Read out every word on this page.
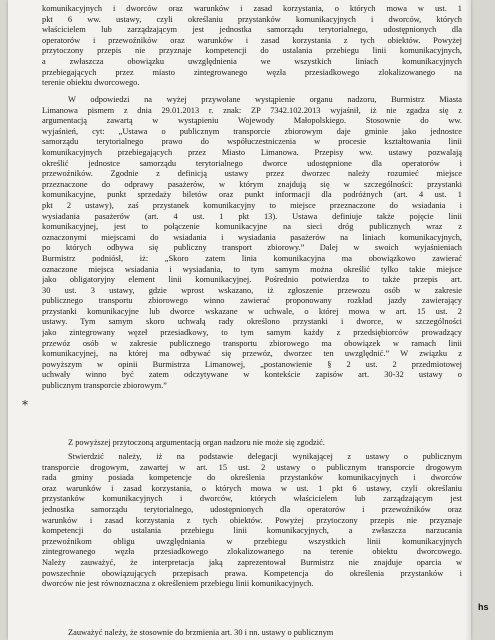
komunikacyjnych i dworców oraz warunków i zasad korzystania, o których mowa w ust. 1

pkt 6 ww. ustawy, czyli określaniu przystanków komunikacyjnych i dworców, których

właścicielem lub zarządzającym jest jednostka samorządu terytorialnego, udostępnionych dla

operatorów i przewoźników oraz warunków i zasad korzystania z tych obiektów. Powyżej

przytoczony przepis nie przyznaje kompetencji do ustalania przebiegu linii komunikacyjnych,

a zwłaszcza obowiązku uwzględnienia we wszystkich liniach komunikacyjnych

przebiegających przez miasto zintegrowanego węzła przesiadkowego zlokalizowanego na

terenie obiektu dworcowego.

W odpowiedzi na wyżej przywołane wystąpienie organu nadzoru, Burmistrz Miasta

Limanowa pismem z dnia 29.01.2013 r. znak: ZP 7342.102.2013 wyjaśnił, iż nie zgadza się z

argumentacją zawartą w wystąpieniu Wojewody Małopolskiego. Stosownie do ww.

wyjaśnień, cyt: „Ustawa o publicznym transporcie zbiorowym daje gminie jako jednostce

samorządu terytorialnego prawo do współuczestniczenia w procesie kształtowania linii

komunikacyjnych przebiegających przez Miasto Limanowa. Przepisy ww. ustawy pozwalają

określić jednostce samorządu terytorialnego dworce udostępnione dla operatorów i

przewoźników. Zgodnie z definicją ustawy przez dworzec należy rozumieć miejsce

przeznaczone do odprawy pasażerów, w którym znajdują się w szczególności: przystanki

komunikacyjne, punkt sprzedaży biletów oraz punkt informacji dla podróżnych (art. 4 ust. 1

pkt 2 ustawy), zaś przystanek komunikacyjny to miejsce przeznaczone do wsiadania i

wysiadania pasażerów (art. 4 ust. 1 pkt 13). Ustawa definiuje także pojęcie linii

komunikacyjnej, jest to połączenie komunikacyjne na sieci dróg publicznych wraz z

oznaczonymi miejscami do wsiadania i wysiadania pasażerów na liniach komunikacyjnych,

po których odbywa się publiczny transport zbiorowy.” Dalej w swoich wyjaśnieniach

Burmistrz podniósł, iż: „Skoro zatem linia komunikacyjna ma obowiązkowo zawierać

oznaczone miejsca wsiadania i wysiadania, to tym samym można określić tylko takie miejsce

jako obligatoryjny element linii komunikacyjnej. Pośrednio potwierdza to także przepis art.

30 ust. 3 ustawy, gdzie wprost wskazano, iż zgłoszenie przewozu osób w zakresie

publicznego transportu zbiorowego winno zawierać proponowany rozkład jazdy zawierający

przystanki komunikacyjne lub dworce wskazane w uchwale, o której mowa w art. 15 ust. 2

ustawy. Tym samym skoro uchwałą rady określono przystanki i dworce, w szczególności

jako zintegrowany węzeł przesiadkowy, to tym samym każdy z przedsiębiorców prowadzący

przewóz osób w zakresie publicznego transportu zbiorowego ma obowiązek w ramach linii

komunikacyjnej, na której ma odbywać się przewóz, dworzec ten uwzględnić.” W związku z

powyższym w opinii Burmistrza Limanowej, „postanowienie § 2 ust. 2 przedmiotowej

uchwały winno być zatem odczytywane w kontekście zapisów art. 30-32 ustawy o

publicznym transporcie zbiorowym.”

Z powyższej przytoczoną argumentacją organ nadzoru nie może się zgodzić.

Stwierdzić należy, iż na podstawie delegacji wynikającej z ustawy o publicznym

transporcie drogowym, zawartej w art. 15 ust. 2 ustawy o publicznym transporcie drogowym

rada gminy posiada kompetencje do określenia przystanków komunikacyjnych i dworców

oraz warunków i zasad korzystania, o których mowa w ust. 1 pkt 6 ustawy, czyli określaniu

przystanków komunikacyjnych i dworców, których właścicielem lub zarządzającym jest

jednostka samorządu terytorialnego, udostępnionych dla operatorów i przewoźników oraz

warunków i zasad korzystania z tych obiektów. Powyżej przytoczony przepis nie przyznaje

kompetencji do ustalania przebiegu linii komunikacyjnych, a zwłaszcza narzucania

przewoźnikom obligu uwzględniania w przebiegu wszystkich linii komunikacyjnych

zintegrowanego węzła przesiadkowego zlokalizowanego na terenie obiektu dworcowego.

Należy zauważyć, że interpretacja jaką zaprezentował Burmistrz nie znajduje oparcia w

powszechnie obowiązujących przepisach prawa. Kompetencja do określenia przystanków i

dworców nie jest równoznaczna z określeniem przebiegu linii komunikacyjnych.

Zauważyć należy, że stosownie do brzmienia art. 30 i nn. ustawy o publicznym

⁎
hs
